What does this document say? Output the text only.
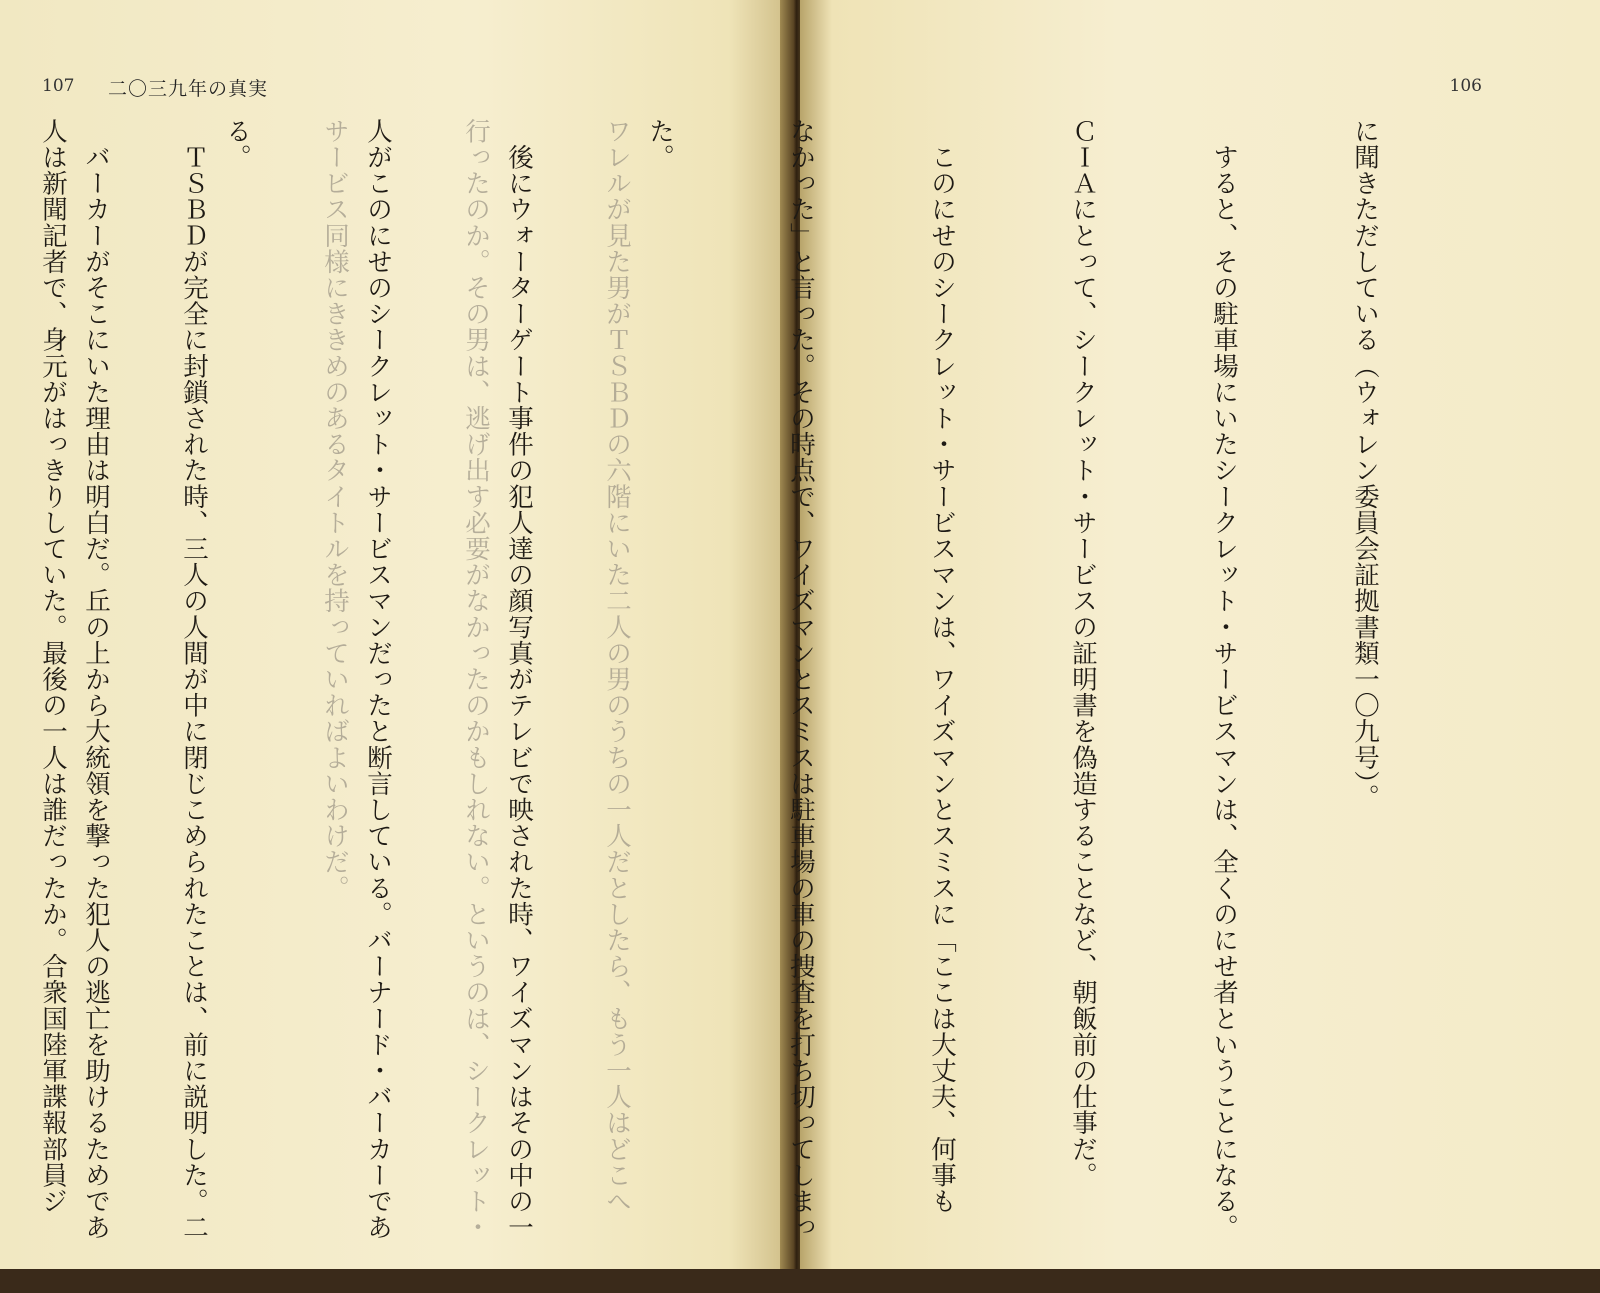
107 二〇三九年の真実

ワレルが見た男がＴＳＢＤの六階にいた二人の男のうちの一人だとしたら、もう一人はどこへ

行ったのか。その男は、逃げ出す必要がなかったのかもしれない。というのは、シークレット・

サービス同様にききめのあるタイトルを持っていればよいわけだ。

　ＴＳＢＤが完全に封鎖された時、三人の人間が中に閉じこめられたことは、前に説明した。二

人は新聞記者で、身元がはっきりしていた。最後の一人は誰だったか。合衆国陸軍諜報部員ジ

106

に聞きただしている（ウォレン委員会証拠書類一〇九号）。

　すると、その駐車場にいたシークレット・サービスマンは、全くのにせ者ということになる。

ＣＩＡにとって、シークレット・サービスの証明書を偽造することなど、朝飯前の仕事だ。

　このにせのシークレット・サービスマンは、ワイズマンとスミスに「ここは大丈夫、何事も

なかった」と言った。その時点で、ワイズマンとスミスは駐車場の車の捜査を打ち切ってしまっ

た。

　後にウォーターゲート事件の犯人達の顔写真がテレビで映された時、ワイズマンはその中の一

人がこのにせのシークレット・サービスマンだったと断言している。バーナード・バーカーであ

る。

　バーカーがそこにいた理由は明白だ。丘の上から大統領を撃った犯人の逃亡を助けるためであ
